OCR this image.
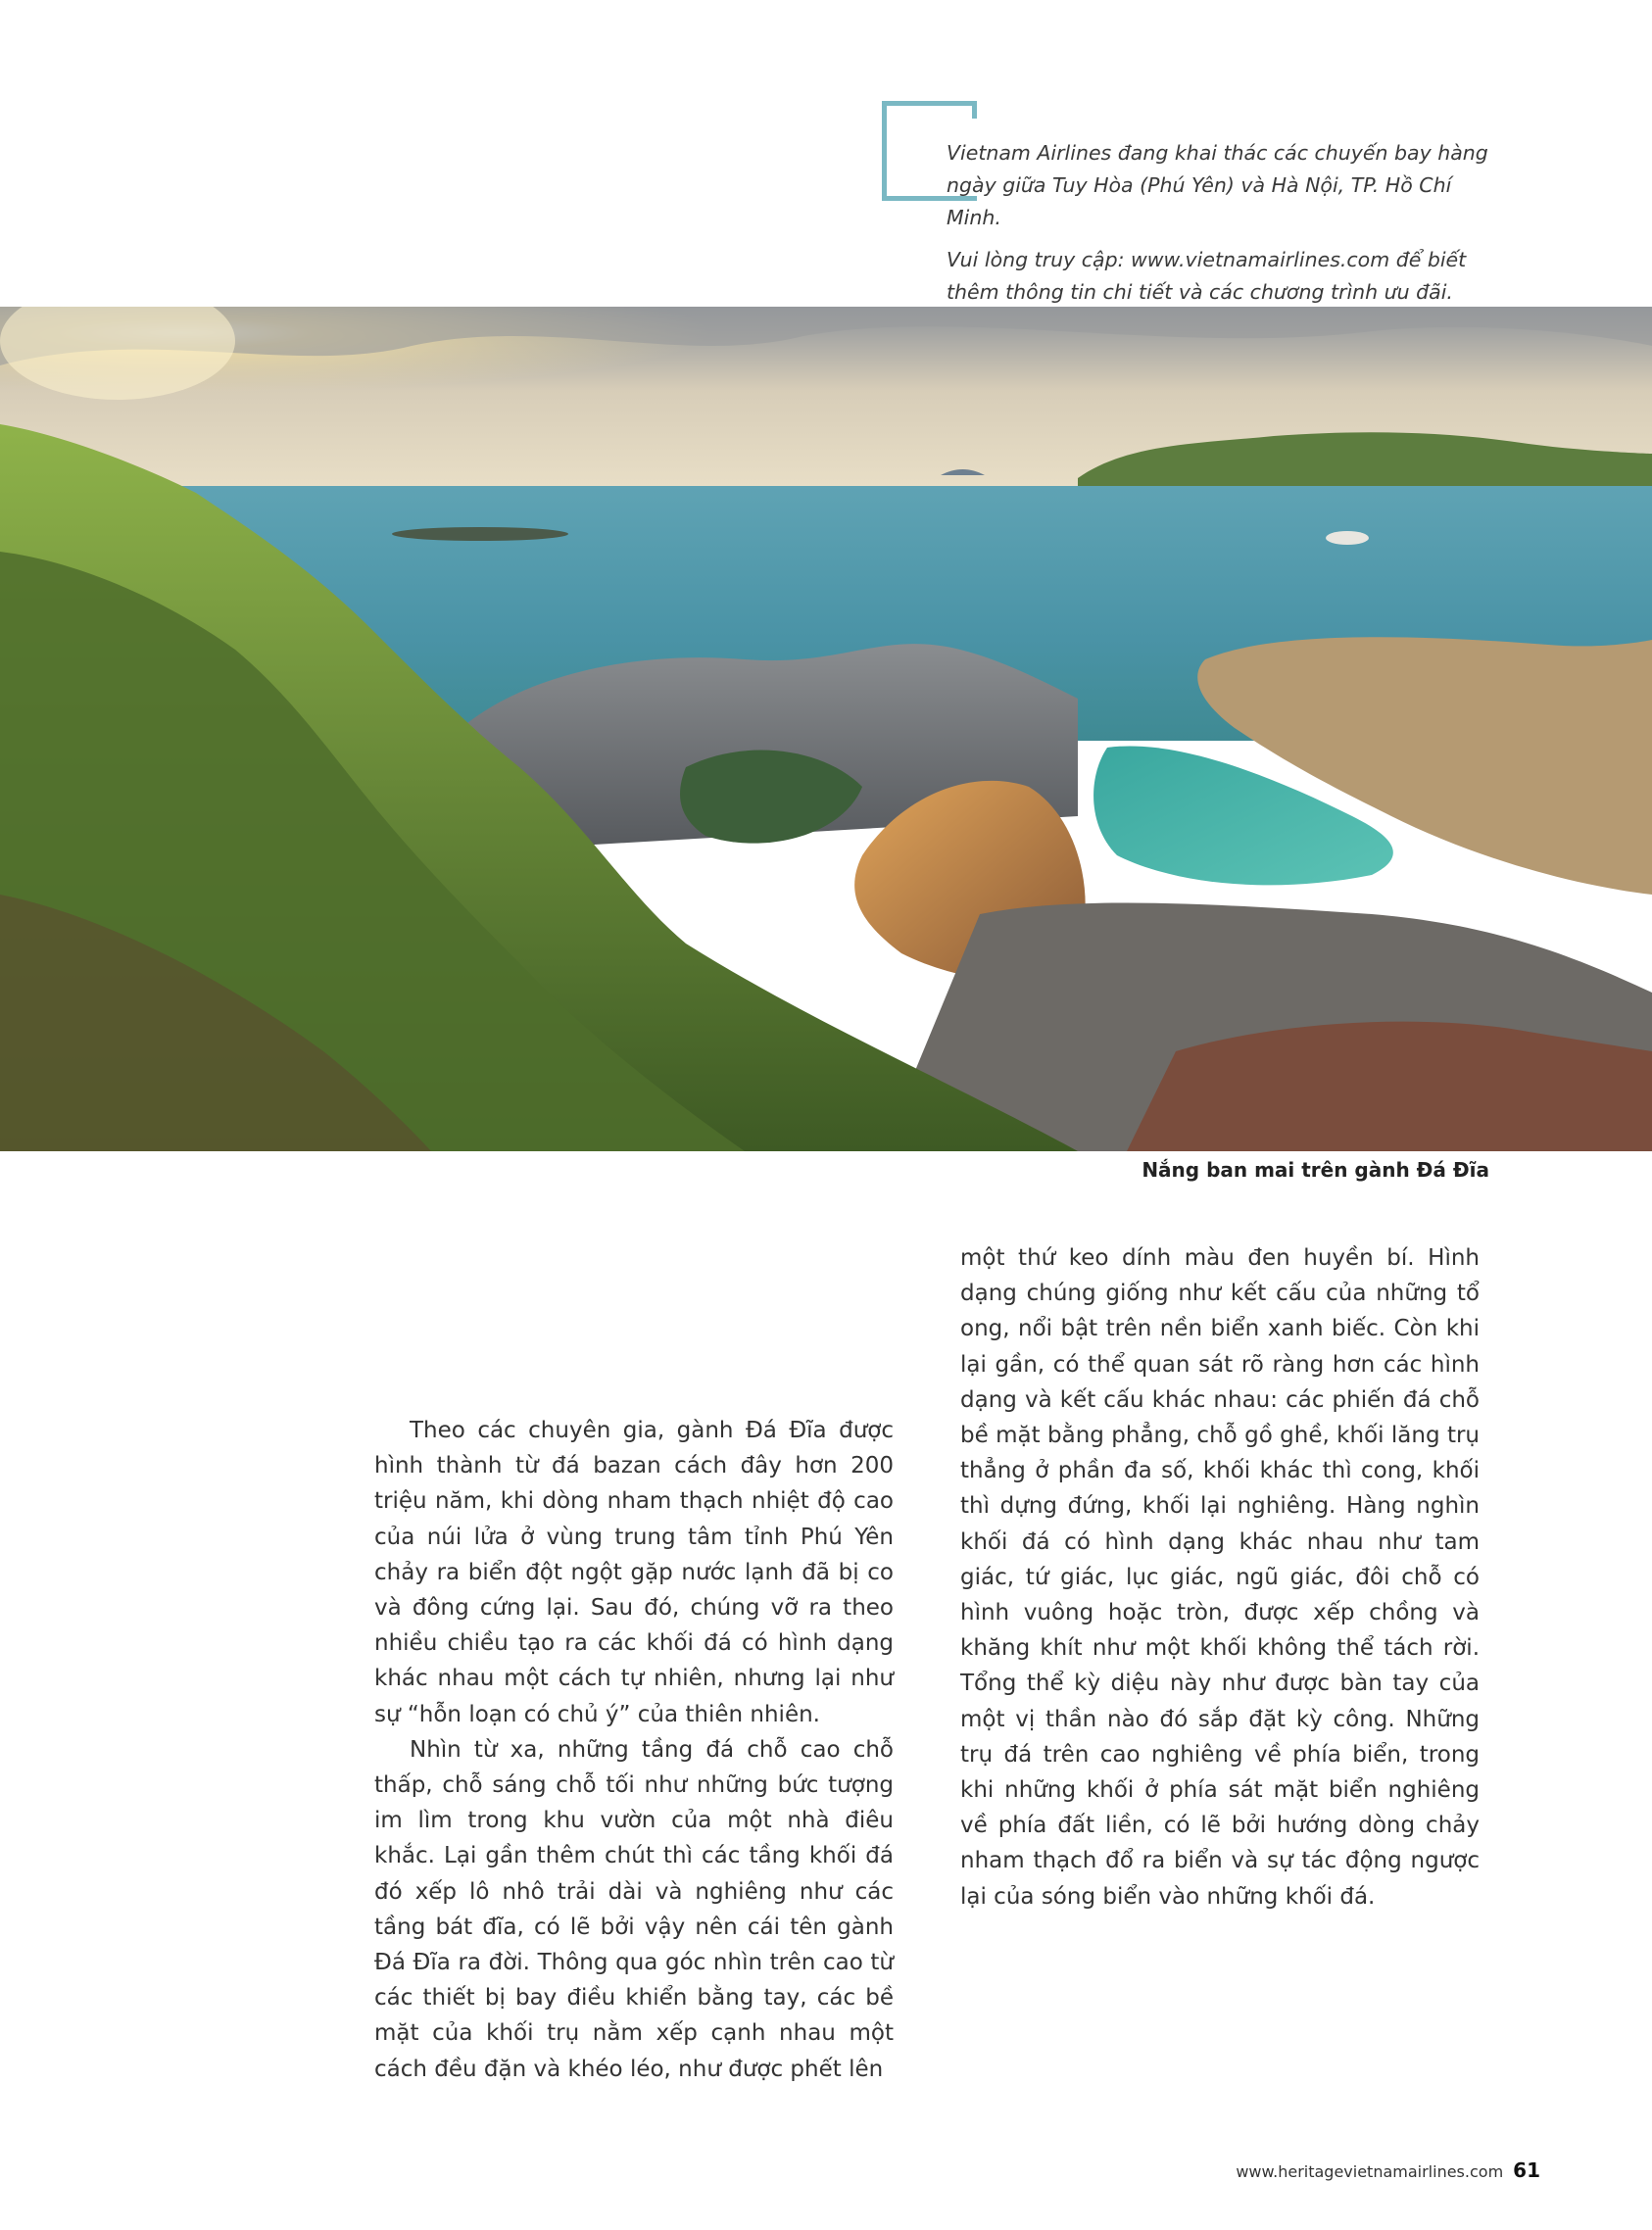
Vietnam Airlines đang khai thác các chuyến bay hàng ngày giữa Tuy Hòa (Phú Yên) và Hà Nội, TP. Hồ Chí Minh.

Vui lòng truy cập: www.vietnamairlines.com để biết thêm thông tin chi tiết và các chương trình ưu đãi.

Nắng ban mai trên gành Đá Đĩa

Theo các chuyên gia, gành Đá Đĩa được hình thành từ đá bazan cách đây hơn 200 triệu năm, khi dòng nham thạch nhiệt độ cao của núi lửa ở vùng trung tâm tỉnh Phú Yên chảy ra biển đột ngột gặp nước lạnh đã bị co và đông cứng lại. Sau đó, chúng vỡ ra theo nhiều chiều tạo ra các khối đá có hình dạng khác nhau một cách tự nhiên, nhưng lại như sự “hỗn loạn có chủ ý” của thiên nhiên.

Nhìn từ xa, những tầng đá chỗ cao chỗ thấp, chỗ sáng chỗ tối như những bức tượng im lìm trong khu vườn của một nhà điêu khắc. Lại gần thêm chút thì các tầng khối đá đó xếp lô nhô trải dài và nghiêng như các tầng bát đĩa, có lẽ bởi vậy nên cái tên gành Đá Đĩa ra đời. Thông qua góc nhìn trên cao từ các thiết bị bay điều khiển bằng tay, các bề mặt của khối trụ nằm xếp cạnh nhau một cách đều đặn và khéo léo, như được phết lên

một thứ keo dính màu đen huyền bí. Hình dạng chúng giống như kết cấu của những tổ ong, nổi bật trên nền biển xanh biếc. Còn khi lại gần, có thể quan sát rõ ràng hơn các hình dạng và kết cấu khác nhau: các phiến đá chỗ bề mặt bằng phẳng, chỗ gồ ghề, khối lăng trụ thẳng ở phần đa số, khối khác thì cong, khối thì dựng đứng, khối lại nghiêng. Hàng nghìn khối đá có hình dạng khác nhau như tam giác, tứ giác, lục giác, ngũ giác, đôi chỗ có hình vuông hoặc tròn, được xếp chồng và khăng khít như một khối không thể tách rời. Tổng thể kỳ diệu này như được bàn tay của một vị thần nào đó sắp đặt kỳ công. Những trụ đá trên cao nghiêng về phía biển, trong khi những khối ở phía sát mặt biển nghiêng về phía đất liền, có lẽ bởi hướng dòng chảy nham thạch đổ ra biển và sự tác động ngược lại của sóng biển vào những khối đá.

www.heritagevietnamairlines.com 61
